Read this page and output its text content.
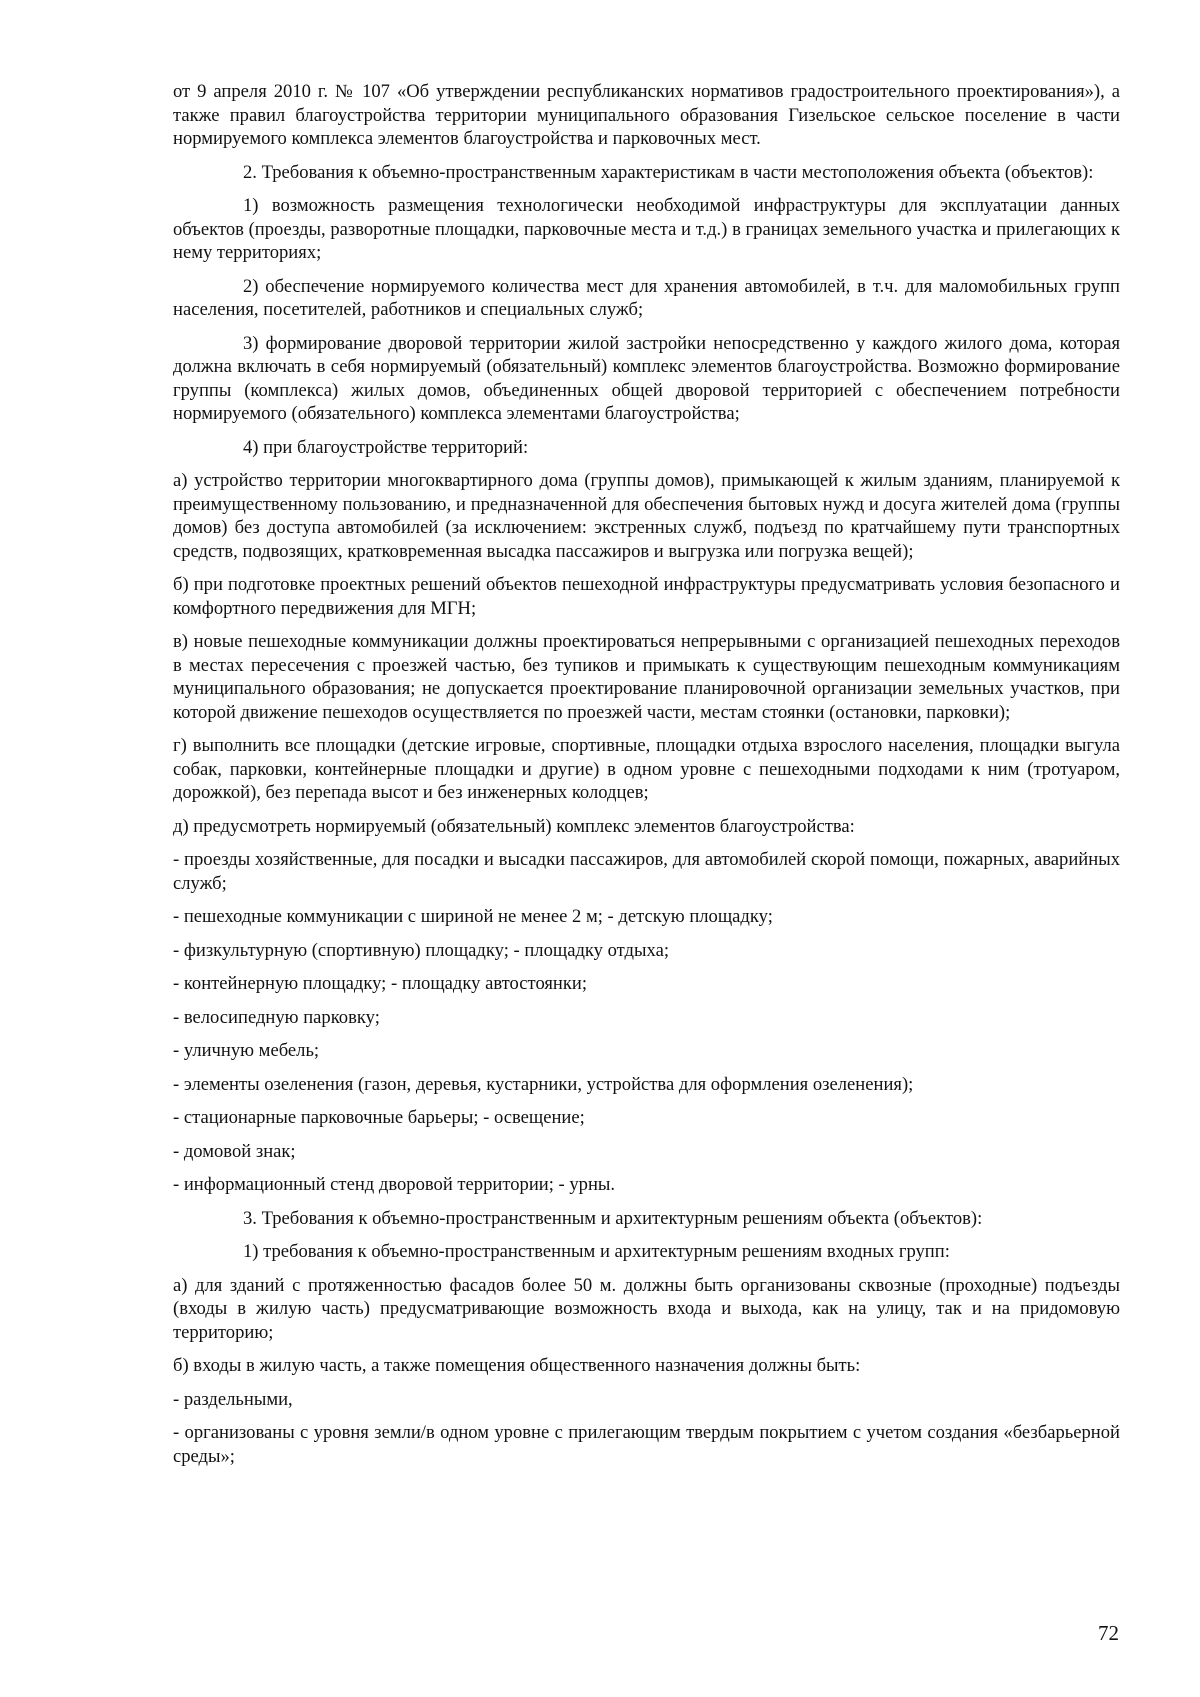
от 9 апреля 2010 г. № 107 «Об утверждении республиканских нормативов градостроительного проектирования»), а также правил благоустройства территории муниципального образования Гизельское сельское поселение в части нормируемого комплекса элементов благоустройства и парковочных мест.

2. Требования к объемно-пространственным характеристикам в части местоположения объекта (объектов):

1) возможность размещения технологически необходимой инфраструктуры для эксплуатации данных объектов (проезды, разворотные площадки, парковочные места и т.д.) в границах земельного участка и прилегающих к нему территориях;

2) обеспечение нормируемого количества мест для хранения автомобилей, в т.ч. для маломобильных групп населения, посетителей, работников и специальных служб;

3) формирование дворовой территории жилой застройки непосредственно у каждого жилого дома, которая должна включать в себя нормируемый (обязательный) комплекс элементов благоустройства. Возможно формирование группы (комплекса) жилых домов, объединенных общей дворовой территорией с обеспечением потребности нормируемого (обязательного) комплекса элементами благоустройства;

4) при благоустройстве территорий:

а) устройство территории многоквартирного дома (группы домов), примыкающей к жилым зданиям, планируемой к преимущественному пользованию, и предназначенной для обеспечения бытовых нужд и досуга жителей дома (группы домов) без доступа автомобилей (за исключением: экстренных служб, подъезд по кратчайшему пути транспортных средств, подвозящих, кратковременная высадка пассажиров и выгрузка или погрузка вещей);

б) при подготовке проектных решений объектов пешеходной инфраструктуры предусматривать условия безопасного и комфортного передвижения для МГН;

в) новые пешеходные коммуникации должны проектироваться непрерывными с организацией пешеходных переходов в местах пересечения с проезжей частью, без тупиков и примыкать к существующим пешеходным коммуникациям муниципального образования; не допускается проектирование планировочной организации земельных участков, при которой движение пешеходов осуществляется по проезжей части, местам стоянки (остановки, парковки);

г) выполнить все площадки (детские игровые, спортивные, площадки отдыха взрослого населения, площадки выгула собак, парковки, контейнерные площадки и другие) в одном уровне с пешеходными подходами к ним (тротуаром, дорожкой), без перепада высот и без инженерных колодцев;

д) предусмотреть нормируемый (обязательный) комплекс элементов благоустройства:

- проезды хозяйственные, для посадки и высадки пассажиров, для автомобилей скорой помощи, пожарных, аварийных служб;

- пешеходные коммуникации с шириной не менее 2 м; - детскую площадку;

- физкультурную (спортивную) площадку; - площадку отдыха;

- контейнерную площадку; - площадку автостоянки;

- велосипедную парковку;

- уличную мебель;

- элементы озеленения (газон, деревья, кустарники, устройства для оформления озеленения);

- стационарные парковочные барьеры; - освещение;

- домовой знак;

- информационный стенд дворовой территории; - урны.

3. Требования к объемно-пространственным и архитектурным решениям объекта (объектов):

1) требования к объемно-пространственным и архитектурным решениям входных групп:

а) для зданий с протяженностью фасадов более 50 м. должны быть организованы сквозные (проходные) подъезды (входы в жилую часть) предусматривающие возможность входа и выхода, как на улицу, так и на придомовую территорию;

б) входы в жилую часть, а также помещения общественного назначения должны быть:

- раздельными,

- организованы с уровня земли/в одном уровне с прилегающим твердым покрытием с учетом создания «безбарьерной среды»;

72
